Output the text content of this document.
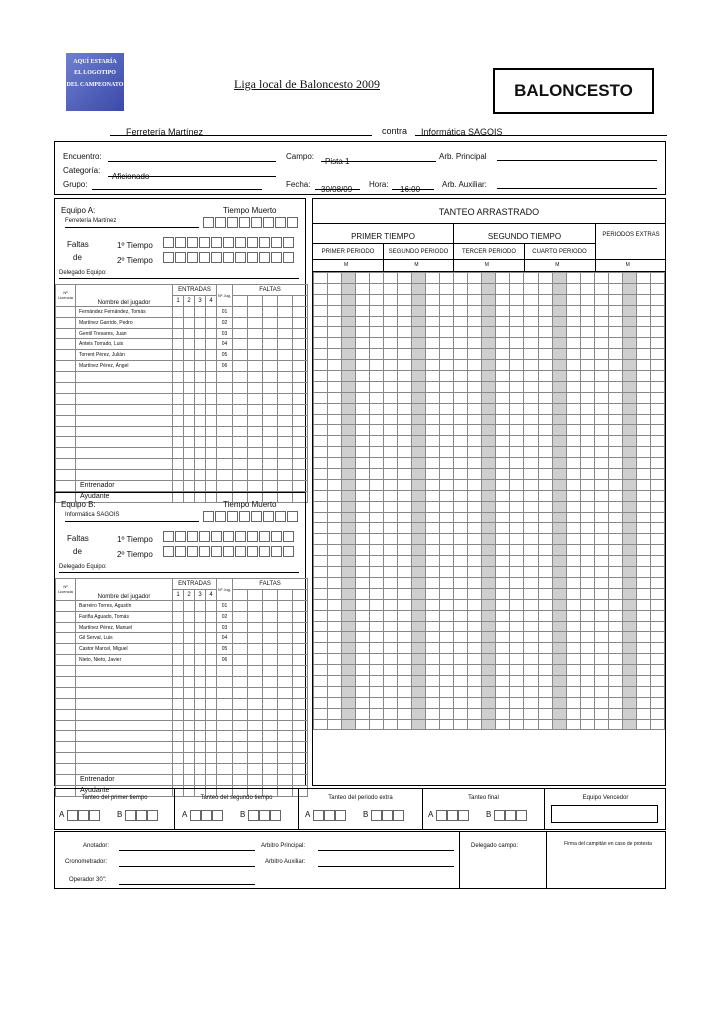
AQUÍ ESTARÍA
EL LOGOTIPO
DEL CAMPEONATO	Liga local de Baloncesto 2009	BALONCESTO
Ferretería Martínez	contra	Informática SAGOIS
Encuentro:
Categoría:
Aficionado
Grupo:
Campo:
Pista 1
Arb. Principal
Fecha:
30/08/09
Hora:
16:00
Arb. Auxiliar:
Equipo A:
Ferretería Martínez
Tiempo Muerto
Faltas
de
1º Tiempo
2º Tiempo
Delegado Equipo:
Nº Licencia	Nombre del jugador	ENTRADAS				Nº Jug.	FALTAS				
		1	2	3	4						
	Fernández Fernández, Tomás					01					
	Martínez Garrido, Pedro					02					
	Gentil Tresares, Juan					03					
	Anteis Torrado, Luis					04					
	Torrent Pérez, Julián					05					
	Martínez Pérez, Ángel					06					

	Entrenador										
	Ayudante										
Equipo B:
Informática SAGOIS
Tiempo Muerto
Faltas
de
1º Tiempo
2º Tiempo
Delegado Equipo:
Nº Licencia	Nombre del jugador	ENTRADAS				Nº Jug.	FALTAS				
		1	2	3	4						
	Barreiro Torres, Agustín					01					
	Fariña Aguado, Tomás					02					
	Martínez Pérez, Manuel					03					
	Gil Serval, Luis					04					
	Castor Marcel, Miguel					05					
	Nieto, Nieto, Javier					06					

	Entrenador										
	Ayudante										
TANTEO ARRASTRADO
PRIMER TIEMPO	SEGUNDO TIEMPO	PERIODOS EXTRAS
PRIMER PERIODO	SEGUNDO PERIODO	TERCER PERIODO	CUARTO PERIODO
M	M	M	M	M

Tanteo del primer tiempo	Tanteo del segundo tiempo	Tanteo del periodo extra	Tanteo final	Equipo Vencedor
A	B	A	B	A	B	A	B
Anotador:
Cronometrador:
Operador 30":
Arbitro Principal:
Arbitro Auxiliar:
Delegado campo:	Firma del campitán en caso de protesta
